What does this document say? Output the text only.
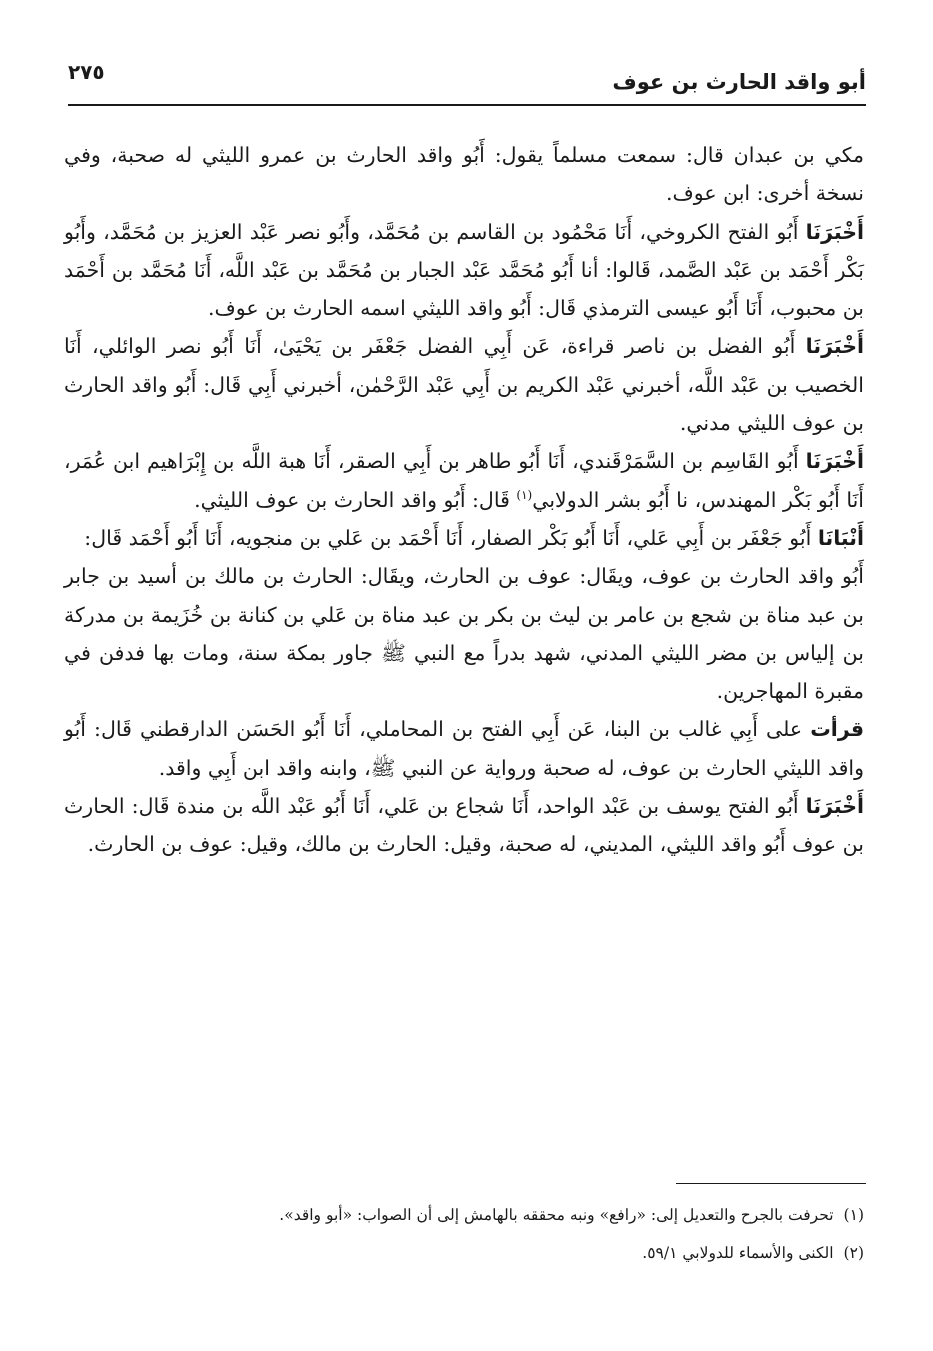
أبو واقد الحارث بن عوف
٢٧٥

مكي بن عبدان قال: سمعت مسلماً يقول: أَبُو واقد الحارث بن عمرو الليثي له صحبة، وفي نسخة أخرى: ابن عوف.

أَخْبَرَنَا أَبُو الفتح الكروخي، أَنَا مَحْمُود بن القاسم بن مُحَمَّد، وأَبُو نصر عَبْد العزيز بن مُحَمَّد، وأَبُو بَكْر أَحْمَد بن عَبْد الصَّمد، قَالوا: أنا أَبُو مُحَمَّد عَبْد الجبار بن مُحَمَّد بن عَبْد اللَّه، أَنَا مُحَمَّد بن أَحْمَد بن محبوب، أَنَا أَبُو عيسى الترمذي قَال: أَبُو واقد الليثي اسمه الحارث بن عوف.

أَخْبَرَنَا أَبُو الفضل بن ناصر قراءة، عَن أَبِي الفضل جَعْفَر بن يَحْيَىٰ، أَنَا أَبُو نصر الوائلي، أَنَا الخصيب بن عَبْد اللَّه، أخبرني عَبْد الكريم بن أَبِي عَبْد الرَّحْمٰن، أخبرني أَبِي قَال: أَبُو واقد الحارث بن عوف الليثي مدني.

أَخْبَرَنَا أَبُو القَاسِم بن السَّمَرْقَندي، أَنَا أَبُو طاهر بن أَبِي الصقر، أَنَا هبة اللَّه بن إِبْرَاهيم ابن عُمَر، أَنَا أَبُو بَكْر المهندس، نا أَبُو بشر الدولابي$^{(١)}$ قَال: أَبُو واقد الحارث بن عوف الليثي.

أَنْبَانَا أَبُو جَعْفَر بن أَبِي عَلي، أَنَا أَبُو بَكْر الصفار، أَنَا أَحْمَد بن عَلي بن منجويه، أَنَا أَبُو أَحْمَد قَال:

أَبُو واقد الحارث بن عوف، ويقَال: عوف بن الحارث، ويقَال: الحارث بن مالك بن أسيد بن جابر بن عبد مناة بن شجع بن عامر بن ليث بن بكر بن عبد مناة بن عَلي بن كنانة بن خُزَيمة بن مدركة بن إلياس بن مضر الليثي المدني، شهد بدراً مع النبي ﷺ جاور بمكة سنة، ومات بها فدفن في مقبرة المهاجرين.

قرأت على أَبِي غالب بن البنا، عَن أَبِي الفتح بن المحاملي، أَنَا أَبُو الحَسَن الدارقطني قَال: أَبُو واقد الليثي الحارث بن عوف، له صحبة ورواية عن النبي ﷺ، وابنه واقد ابن أَبِي واقد.

أَخْبَرَنَا أَبُو الفتح يوسف بن عَبْد الواحد، أَنَا شجاع بن عَلي، أَنَا أَبُو عَبْد اللَّه بن مندة قَال: الحارث بن عوف أَبُو واقد الليثي، المديني، له صحبة، وقيل: الحارث بن مالك، وقيل: عوف بن الحارث.

(١)تحرفت بالجرح والتعديل إلى: «رافع» ونبه محققه بالهامش إلى أن الصواب: «أبو واقد».

(٢)الكنى والأسماء للدولابي ٥٩/١.
